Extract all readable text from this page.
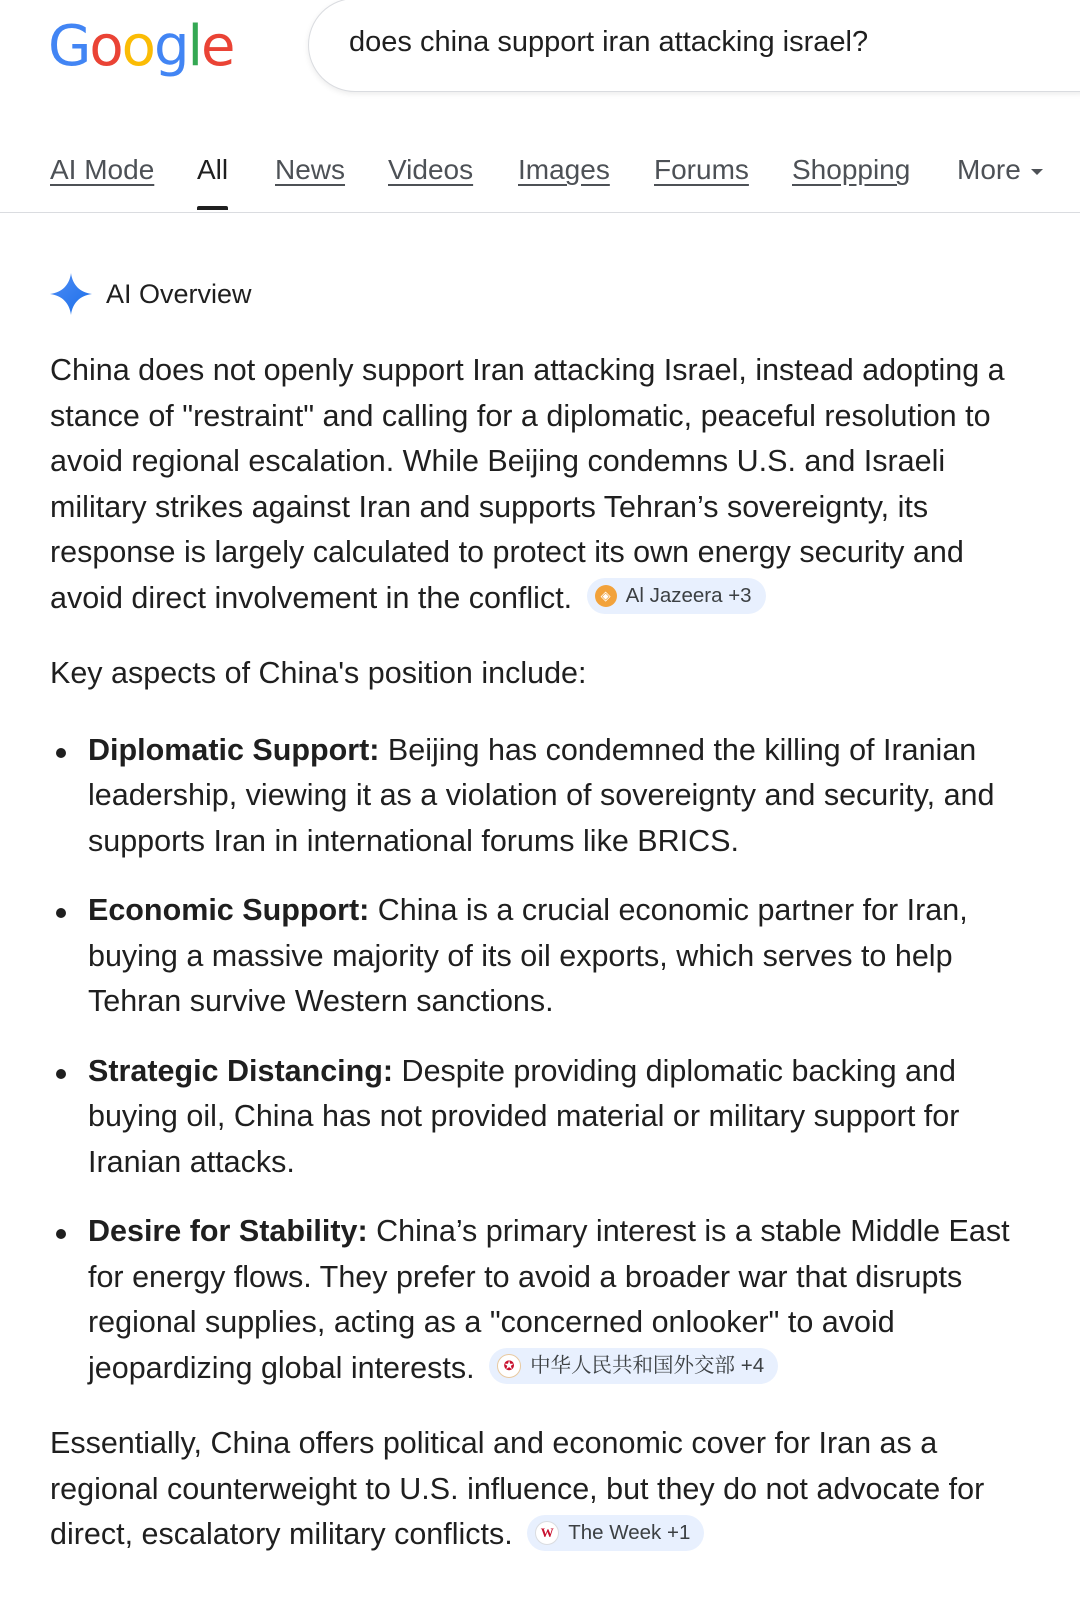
Google
does china support iran attacking israel?
AI Mode All News Videos Images Forums Shopping More
AI Overview

China does not openly support Iran attacking Israel, instead adopting a stance of "restraint" and calling for a diplomatic, peaceful resolution to avoid regional escalation. While Beijing condemns U.S. and Israeli military strikes against Iran and supports Tehran’s sovereignty, its response is largely calculated to protect its own energy security and avoid direct involvement in the conflict.	◈ Al Jazeera
+3

Key aspects of China's position include:

Diplomatic Support: Beijing has condemned the killing of Iranian leadership, viewing it as a violation of sovereignty and security, and supports Iran in international forums like BRICS.
Economic Support: China is a crucial economic partner for Iran, buying a massive majority of its oil exports, which serves to help Tehran survive Western sanctions.
Strategic Distancing: Despite providing diplomatic backing and buying oil, China has not provided material or military support for Iranian attacks.
Desire for Stability: China’s primary interest is a stable Middle East for energy flows. They prefer to avoid a broader war that disrupts regional supplies, acting as a "concerned onlooker" to avoid jeopardizing global interests.	✪ 中华人民共和国外交部
+4

Essentially, China offers political and economic cover for Iran as a regional counterweight to U.S. influence, but they do not advocate for direct, escalatory military conflicts.	W The Week
+1
